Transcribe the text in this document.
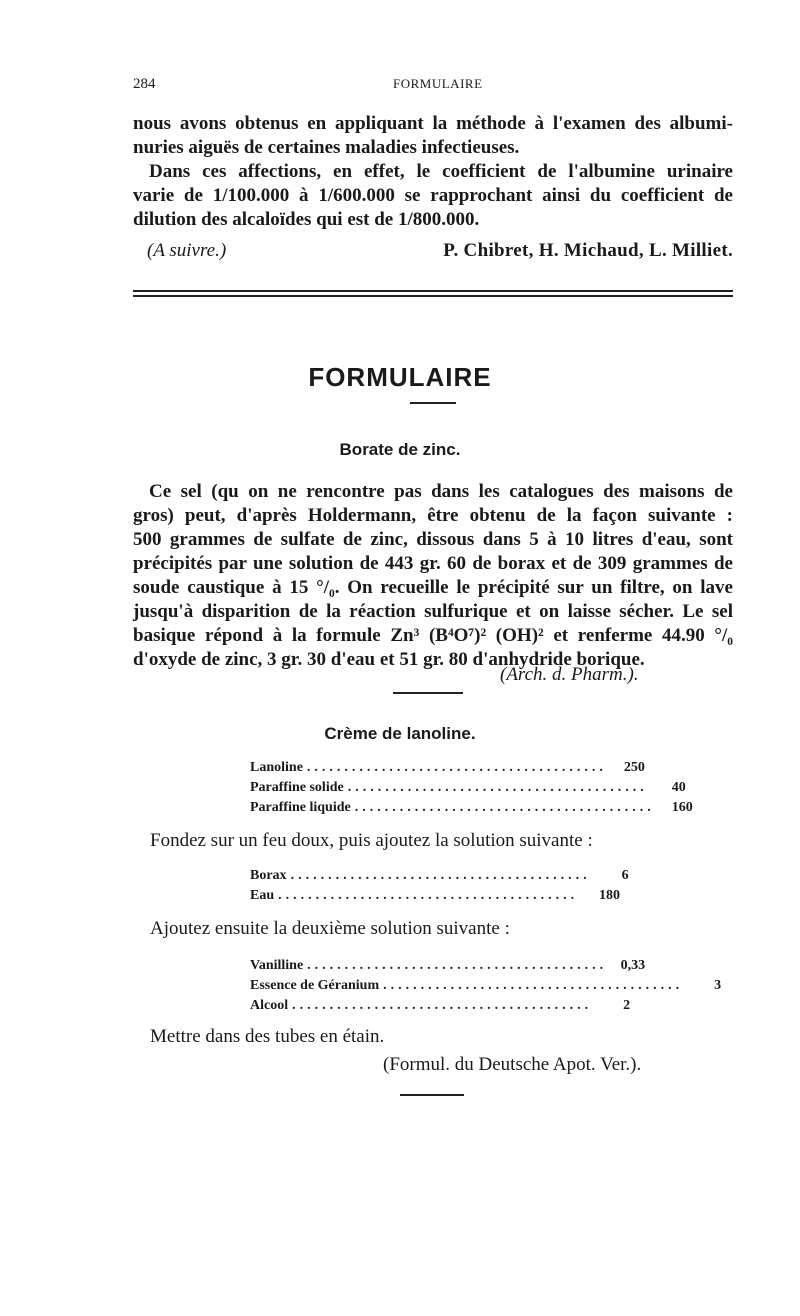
284	FORMULAIRE
nous avons obtenus en appliquant la méthode à l'examen des albumi-
nuries aiguës de certaines maladies infectieuses.
Dans ces affections, en effet, le coefficient de l'albumine urinaire
varie de 1/100.000 à 1/600.000 se rapprochant ainsi du coefficient de
dilution des alcaloïdes qui est de 1/800.000.
(A suivre.)	P. Chibret, H. Michaud, L. Milliet.
FORMULAIRE
Borate de zinc.
Ce sel (qu on ne rencontre pas dans les catalogues des maisons de
gros) peut, d'après Holdermann, être obtenu de la façon suivante :
500 grammes de sulfate de zinc, dissous dans 5 à 10 litres d'eau, sont
précipités par une solution de 443 gr. 60 de borax et de 309 grammes de
soude caustique à 15 °/₀. On recueille le précipité sur un filtre, on lave
jusqu'à disparition de la réaction sulfurique et on laisse sécher. Le sel
basique répond à la formule Zn³ (B⁴O⁷)² (OH)² et renferme 44.90 °/₀
d'oxyde de zinc, 3 gr. 30 d'eau et 51 gr. 80 d'anhydride borique.
(Arch. d. Pharm.).
Crème de lanoline.
Lanoline ........................................	250
Paraffine solide ........................................	40
Paraffine liquide ........................................	160
Fondez sur un feu doux, puis ajoutez la solution suivante :
Borax ........................................	6
Eau ........................................	180
Ajoutez ensuite la deuxième solution suivante :
Vanilline ........................................ 0,33
Essence de Géranium ........................................	3
Alcool ........................................	2
Mettre dans des tubes en étain.
(Formul. du Deutsche Apot. Ver.).
